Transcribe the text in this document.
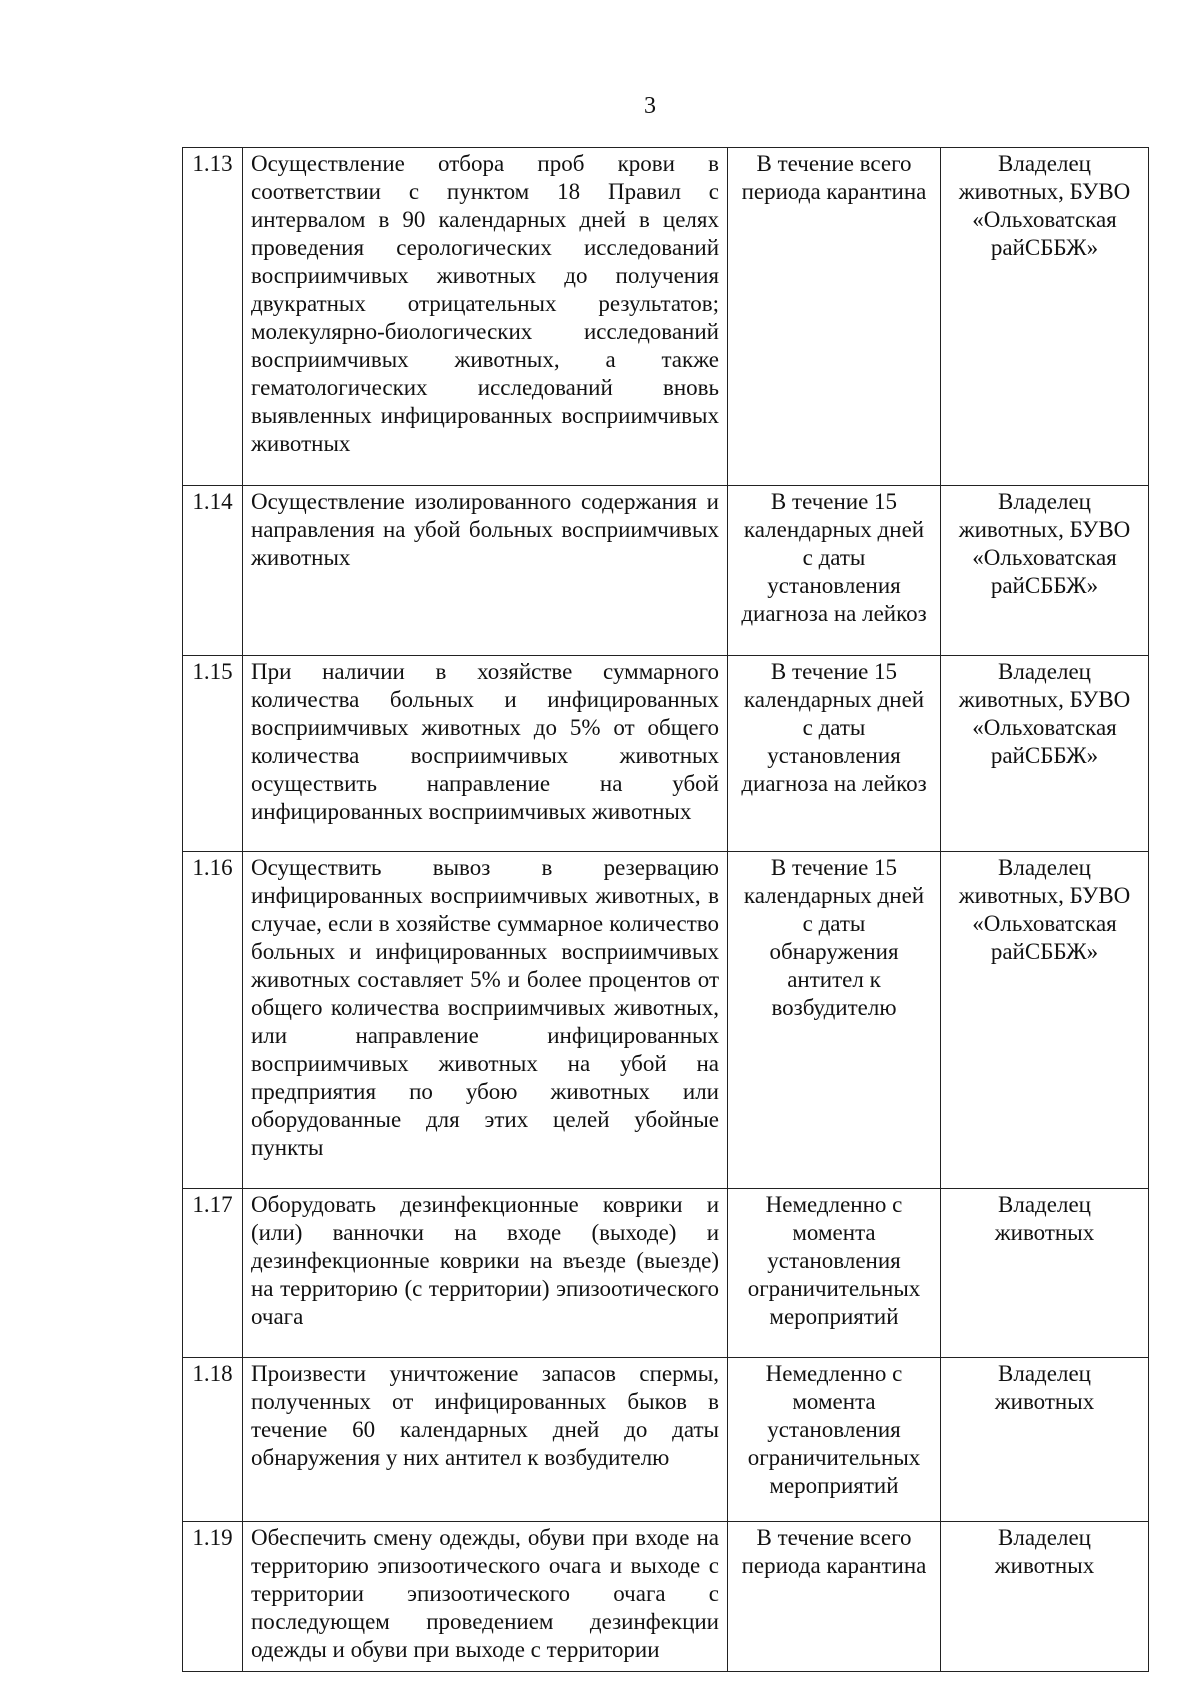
3
1.13	Осуществление отбора проб крови в соответствии с пунктом 18 Правил с интервалом в 90 календарных дней в целях проведения серологических исследований восприимчивых животных до получения двукратных отрицательных результатов; молекулярно-биологических исследований восприимчивых животных, а также гематологических исследований вновь выявленных инфицированных восприимчивых животных	В течение всего периода карантина	Владелец животных, БУВО «Ольховатская райСББЖ»
1.14	Осуществление изолированного содержания и направления на убой больных восприимчивых животных	В течение 15 календарных дней с даты установления диагноза на лейкоз	Владелец животных, БУВО «Ольховатская райСББЖ»
1.15	При наличии в хозяйстве суммарного количества больных и инфицированных восприимчивых животных до 5% от общего количества восприимчивых животных осуществить направление на убой инфицированных восприимчивых животных	В течение 15 календарных дней с даты установления диагноза на лейкоз	Владелец животных, БУВО «Ольховатская райСББЖ»
1.16	Осуществить вывоз в резервацию инфицированных восприимчивых животных, в случае, если в хозяйстве суммарное количество больных и инфицированных восприимчивых животных составляет 5% и более процентов от общего количества восприимчивых животных, или направление инфицированных восприимчивых животных на убой на предприятия по убою животных или оборудованные для этих целей убойные пункты	В течение 15 календарных дней с даты обнаружения антител к возбудителю	Владелец животных, БУВО «Ольховатская райСББЖ»
1.17	Оборудовать дезинфекционные коврики и (или) ванночки на входе (выходе) и дезинфекционные коврики на въезде (выезде) на территорию (с территории) эпизоотического очага	Немедленно с момента установления ограничительных мероприятий	Владелец животных
1.18	Произвести уничтожение запасов спермы, полученных от инфицированных быков в течение 60 календарных дней до даты обнаружения у них антител к возбудителю	Немедленно с момента установления ограничительных мероприятий	Владелец животных
1.19	Обеспечить смену одежды, обуви при входе на территорию эпизоотического очага и выходе с территории эпизоотического очага с последующем проведением дезинфекции одежды и обуви при выходе с территории	В течение всего периода карантина	Владелец животных
